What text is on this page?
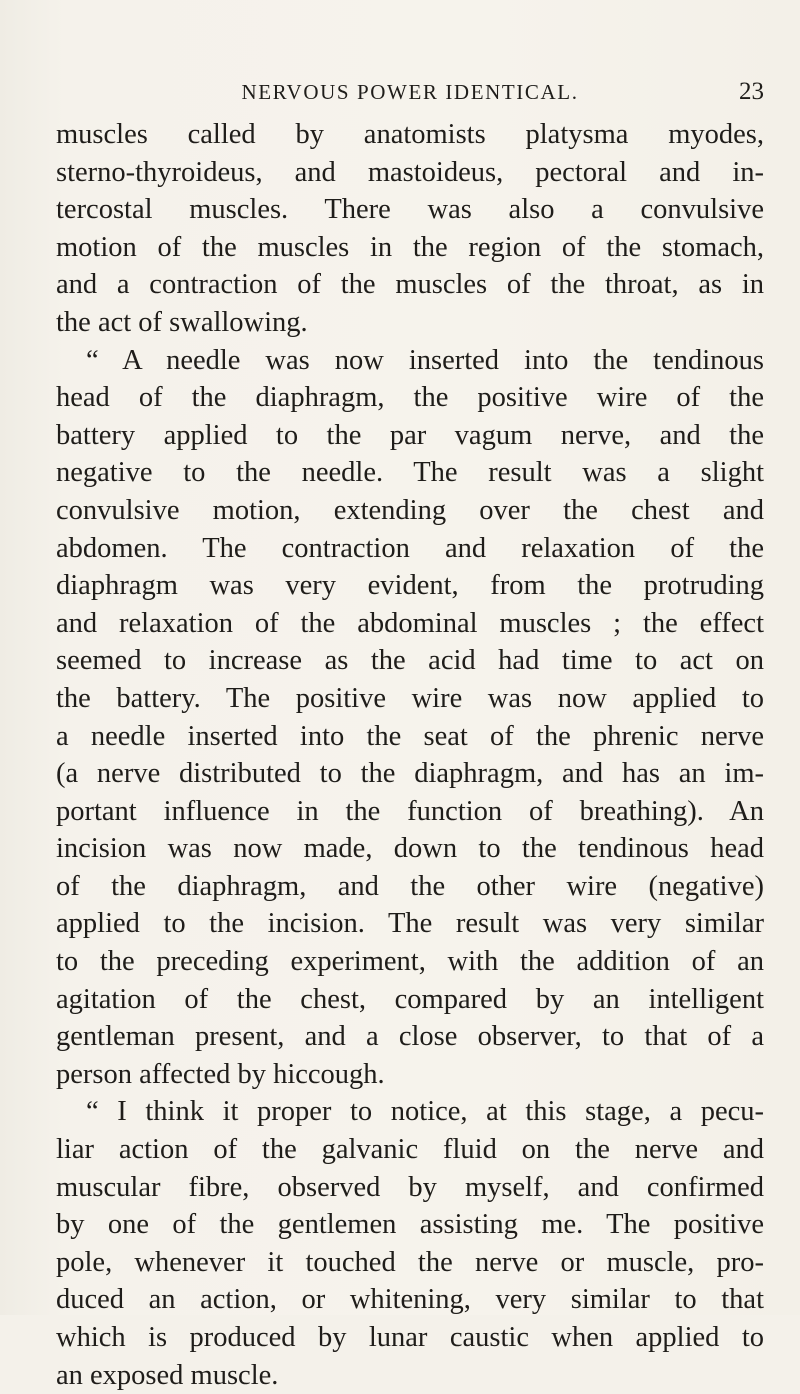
NERVOUS POWER IDENTICAL.	23
muscles called by anatomists platysma myodes,
sterno-thyroideus, and mastoideus, pectoral and in-
tercostal muscles. There was also a convulsive
motion of the muscles in the region of the stomach,
and a contraction of the muscles of the throat, as in
the act of swallowing.
“ A needle was now inserted into the tendinous
head of the diaphragm, the positive wire of the
battery applied to the par vagum nerve, and the
negative to the needle. The result was a slight
convulsive motion, extending over the chest and
abdomen. The contraction and relaxation of the
diaphragm was very evident, from the protruding
and relaxation of the abdominal muscles ; the effect
seemed to increase as the acid had time to act on
the battery. The positive wire was now applied to
a needle inserted into the seat of the phrenic nerve
(a nerve distributed to the diaphragm, and has an im-
portant influence in the function of breathing). An
incision was now made, down to the tendinous head
of the diaphragm, and the other wire (negative)
applied to the incision. The result was very similar
to the preceding experiment, with the addition of an
agitation of the chest, compared by an intelligent
gentleman present, and a close observer, to that of a
person affected by hiccough.
“ I think it proper to notice, at this stage, a pecu-
liar action of the galvanic fluid on the nerve and
muscular fibre, observed by myself, and confirmed
by one of the gentlemen assisting me. The positive
pole, whenever it touched the nerve or muscle, pro-
duced an action, or whitening, very similar to that
which is produced by lunar caustic when applied to
an exposed muscle.
